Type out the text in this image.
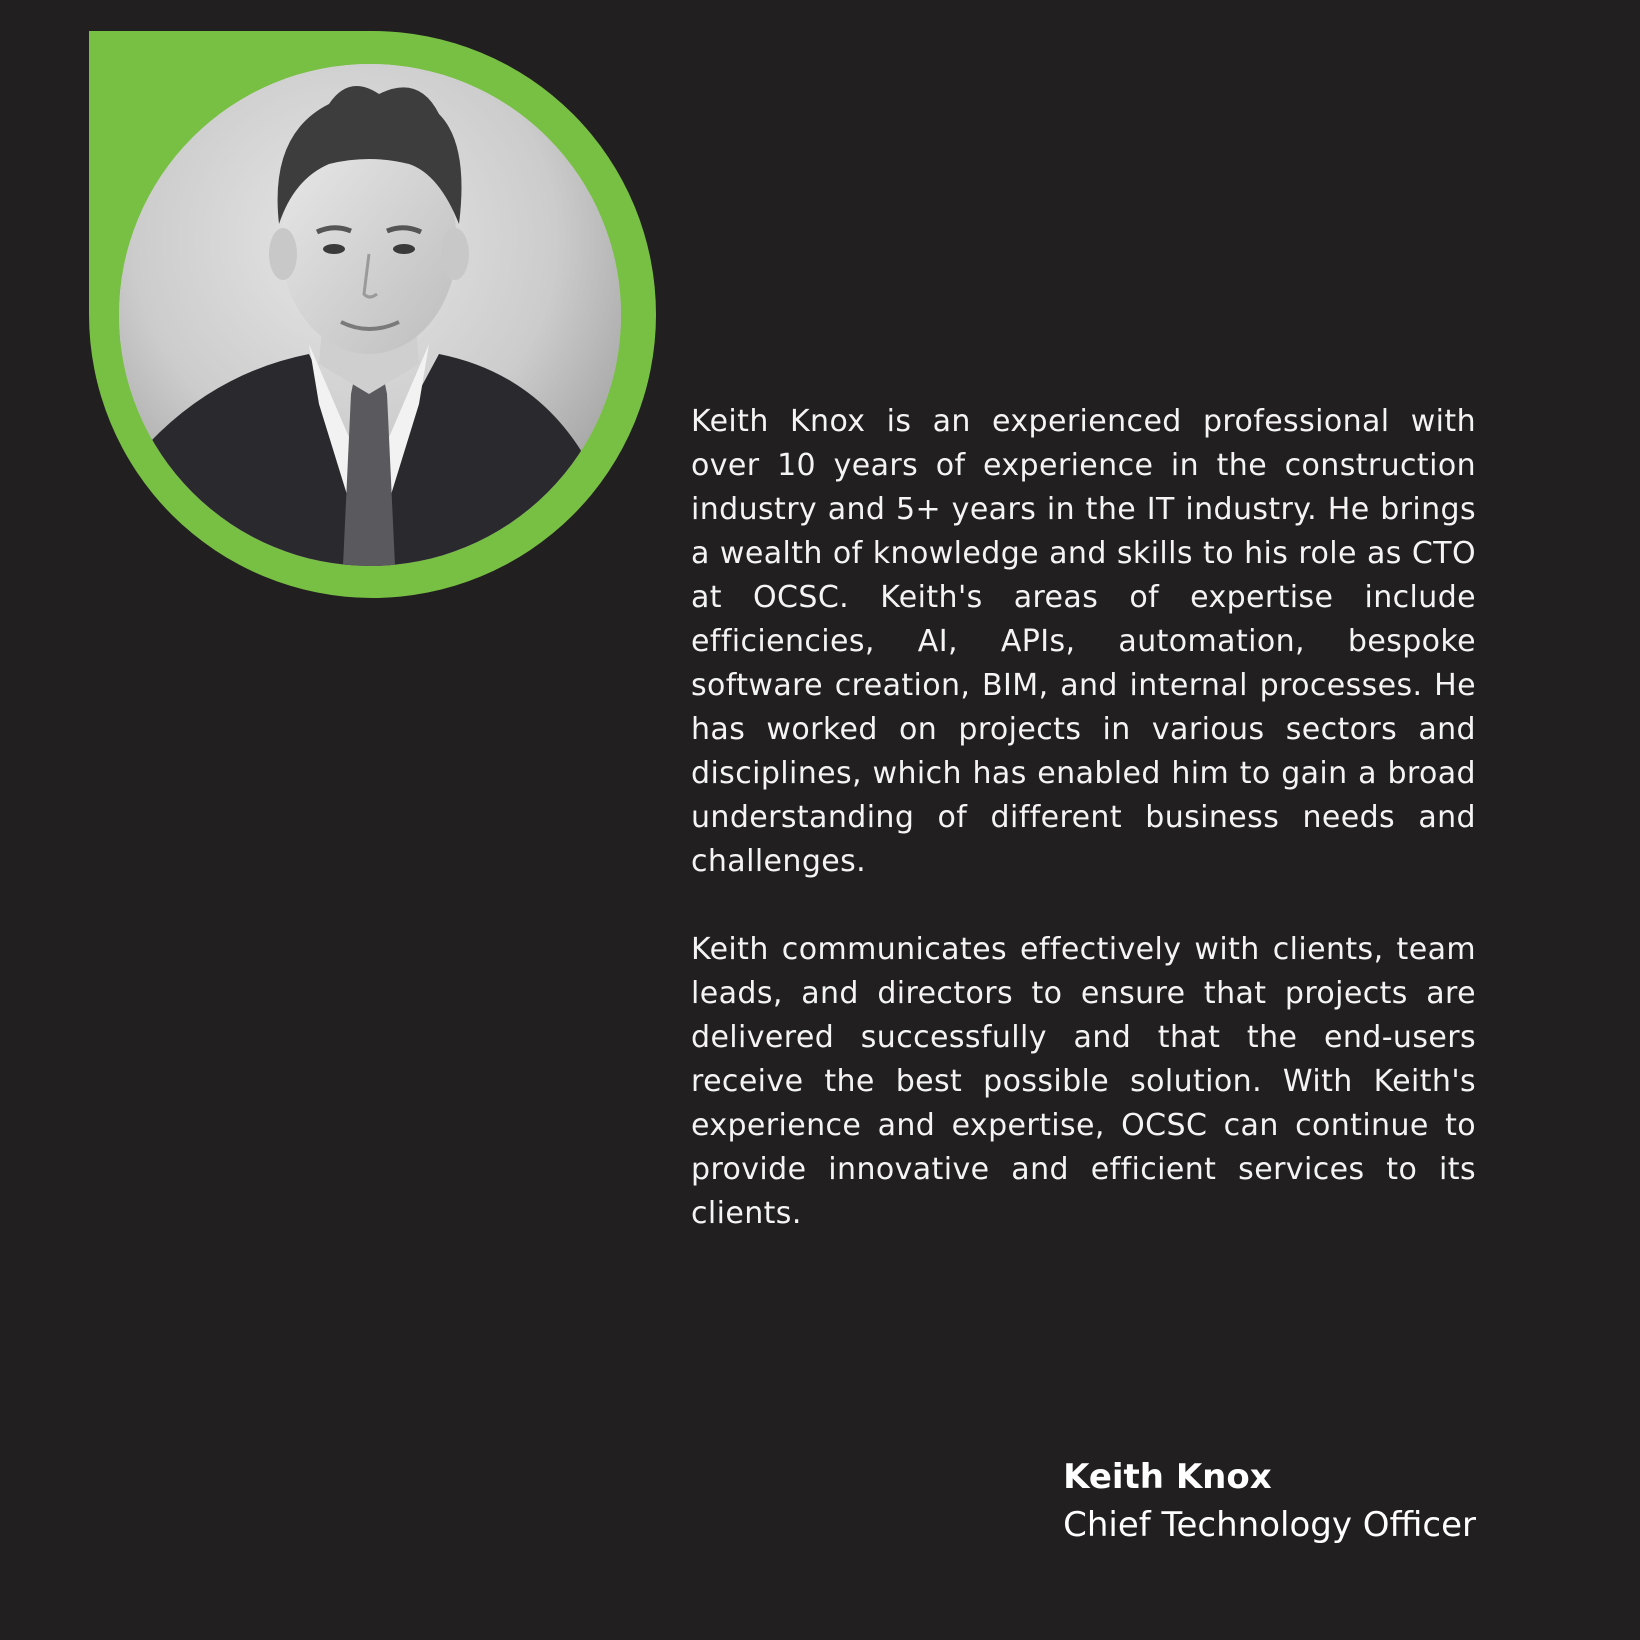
Keith Knox is an experienced professional with over 10 years of experience in the construction industry and 5+ years in the IT industry. He brings a wealth of knowledge and skills to his role as CTO at OCSC. Keith's areas of expertise include efficiencies, AI, APIs, automation, bespoke software creation, BIM, and internal processes. He has worked on projects in various sectors and disciplines, which has enabled him to gain a broad understanding of different business needs and challenges.

Keith communicates effectively with clients, team leads, and directors to ensure that projects are delivered successfully and that the end-users receive the best possible solution. With Keith's experience and expertise, OCSC can continue to provide innovative and efficient services to its clients.

Keith Knox
Chief Technology Officer
